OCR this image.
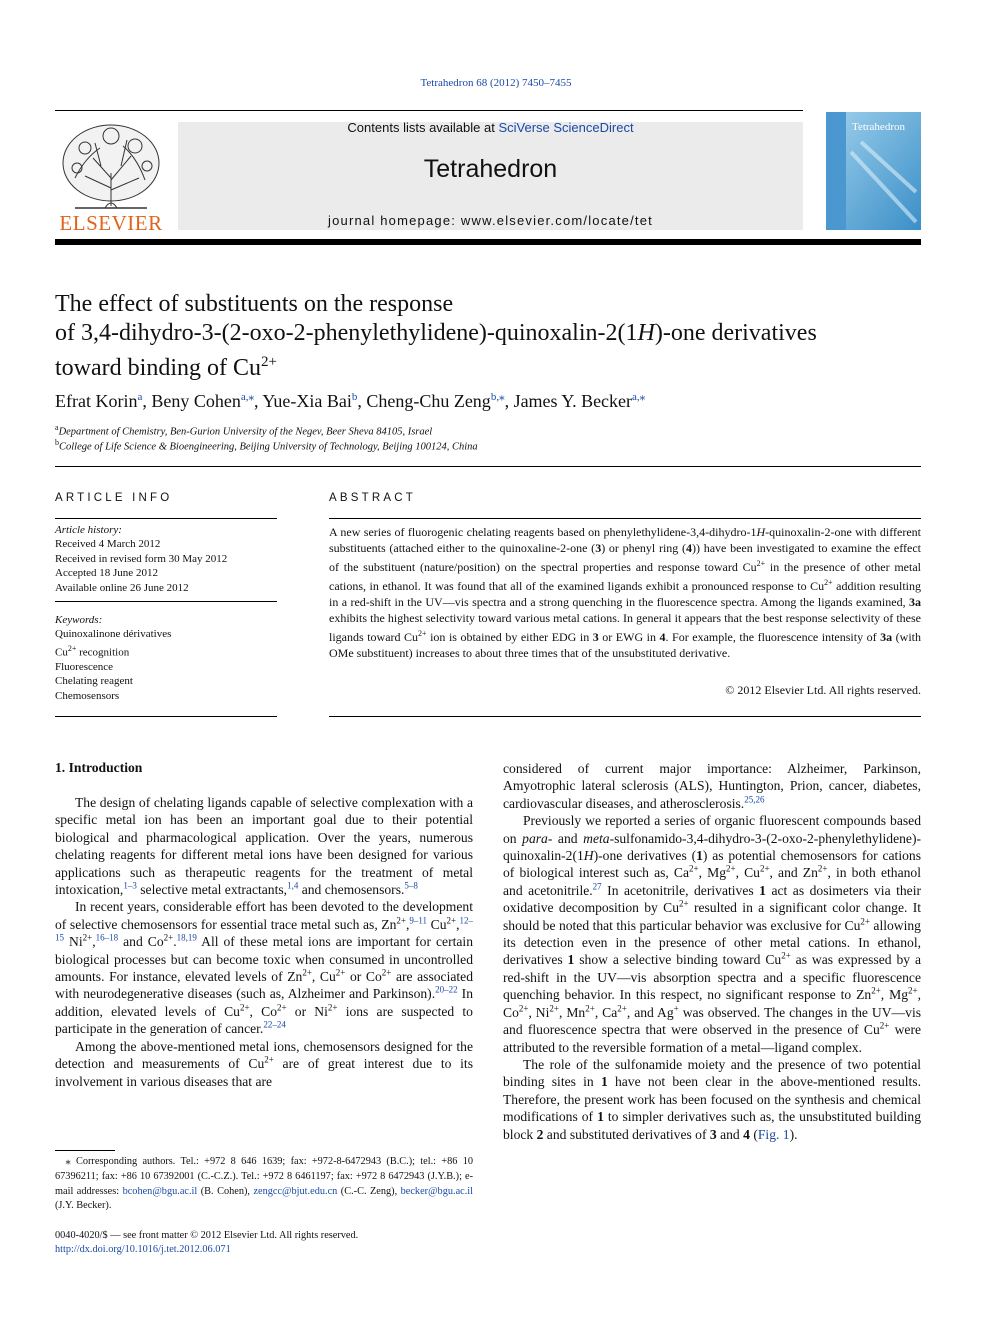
Tetrahedron 68 (2012) 7450–7455
ELSEVIER
Contents lists available at SciVerse ScienceDirect
Tetrahedron
journal homepage: www.elsevier.com/locate/tet
Tetrahedron
The effect of substituents on the response
of 3,4-dihydro-3-(2-oxo-2-phenylethylidene)-quinoxalin-2(1H)-one derivatives
toward binding of $Cu^{2+}$
Efrat Korin$^a$, Beny Cohen$^{a,⁎}$, Yue-Xia Bai$^b$, Cheng-Chu Zeng$^{b,⁎}$, James Y. Becker$^{a,⁎}$
$^a$Department of Chemistry, Ben-Gurion University of the Negev, Beer Sheva 84105, Israel
$^b$College of Life Science & Bioengineering, Beijing University of Technology, Beijing 100124, China
ARTICLE INFO
Article history:
Received 4 March 2012
Received in revised form 30 May 2012
Accepted 18 June 2012
Available online 26 June 2012
Keywords:
Quinoxalinone dérivatives
$Cu^{2+}$ recognition
Fluorescence
Chelating reagent
Chemosensors
ABSTRACT
A new series of fluorogenic chelating reagents based on phenylethylidene-3,4-dihydro-1H-quinoxalin-2-one with different substituents (attached either to the quinoxaline-2-one (3) or phenyl ring (4)) have been investigated to examine the effect of the substituent (nature/position) on the spectral properties and response toward $Cu^{2+}$ in the presence of other metal cations, in ethanol. It was found that all of the examined ligands exhibit a pronounced response to $Cu^{2+}$ addition resulting in a red-shift in the UV—vis spectra and a strong quenching in the fluorescence spectra. Among the ligands examined, 3a exhibits the highest selectivity toward various metal cations. In general it appears that the best response selectivity of these ligands toward $Cu^{2+}$ ion is obtained by either EDG in 3 or EWG in 4. For example, the fluorescence intensity of 3a (with OMe substituent) increases to about three times that of the unsubstituted derivative.
© 2012 Elsevier Ltd. All rights reserved.
1. Introduction

The design of chelating ligands capable of selective complexation with a specific metal ion has been an important goal due to their potential biological and pharmacological application. Over the years, numerous chelating reagents for different metal ions have been designed for various applications such as therapeutic reagents for the treatment of metal intoxication,$^{1-3}$ selective metal extractants,$^{1,4}$ and chemosensors.$^{5-8}$

In recent years, considerable effort has been devoted to the development of selective chemosensors for essential trace metal such as, $Zn^{2+},^{9-11}$ $Cu^{2+},^{12-15}$ $Ni^{2+},^{16-18}$ and $Co^{2+}.^{18,19}$ All of these metal ions are important for certain biological processes but can become toxic when consumed in uncontrolled amounts. For instance, elevated levels of $Zn^{2+}$, $Cu^{2+}$ or $Co^{2+}$ are associated with neurodegenerative diseases (such as, Alzheimer and Parkinson).$^{20-22}$ In addition, elevated levels of $Cu^{2+}$, $Co^{2+}$ or $Ni^{2+}$ ions are suspected to participate in the generation of cancer.$^{22-24}$

Among the above-mentioned metal ions, chemosensors designed for the detection and measurements of $Cu^{2+}$ are of great interest due to its involvement in various diseases that are

⁎ Corresponding authors. Tel.: +972 8 646 1639; fax: +972-8-6472943 (B.C.); tel.: +86 10 67396211; fax: +86 10 67392001 (C.-C.Z.). Tel.: +972 8 6461197; fax: +972 8 6472943 (J.Y.B.); e-mail addresses: bcohen@bgu.ac.il (B. Cohen), zengcc@bjut.edu.cn (C.-C. Zeng), becker@bgu.ac.il (J.Y. Becker).
0040-4020/$ — see front matter © 2012 Elsevier Ltd. All rights reserved.
http://dx.doi.org/10.1016/j.tet.2012.06.071

considered of current major importance: Alzheimer, Parkinson, Amyotrophic lateral sclerosis (ALS), Huntington, Prion, cancer, diabetes, cardiovascular diseases, and atherosclerosis.$^{25,26}$

Previously we reported a series of organic fluorescent compounds based on para- and meta-sulfonamido-3,4-dihydro-3-(2-oxo-2-phenylethylidene)-quinoxalin-2(1H)-one derivatives (1) as potential chemosensors for cations of biological interest such as, $Ca^{2+}$, $Mg^{2+}$, $Cu^{2+}$, and $Zn^{2+}$, in both ethanol and acetonitrile.$^{27}$ In acetonitrile, derivatives 1 act as dosimeters via their oxidative decomposition by $Cu^{2+}$ resulted in a significant color change. It should be noted that this particular behavior was exclusive for $Cu^{2+}$ allowing its detection even in the presence of other metal cations. In ethanol, derivatives 1 show a selective binding toward $Cu^{2+}$ as was expressed by a red-shift in the UV—vis absorption spectra and a specific fluorescence quenching behavior. In this respect, no significant response to $Zn^{2+}$, $Mg^{2+}$, $Co^{2+}$, $Ni^{2+}$, $Mn^{2+}$, $Ca^{2+}$, and Ag+ was observed. The changes in the UV—vis and fluorescence spectra that were observed in the presence of $Cu^{2+}$ were attributed to the reversible formation of a metal—ligand complex.

The role of the sulfonamide moiety and the presence of two potential binding sites in 1 have not been clear in the above-mentioned results. Therefore, the present work has been focused on the synthesis and chemical modifications of 1 to simpler derivatives such as, the unsubstituted building block 2 and substituted derivatives of 3 and 4 (Fig. 1).
